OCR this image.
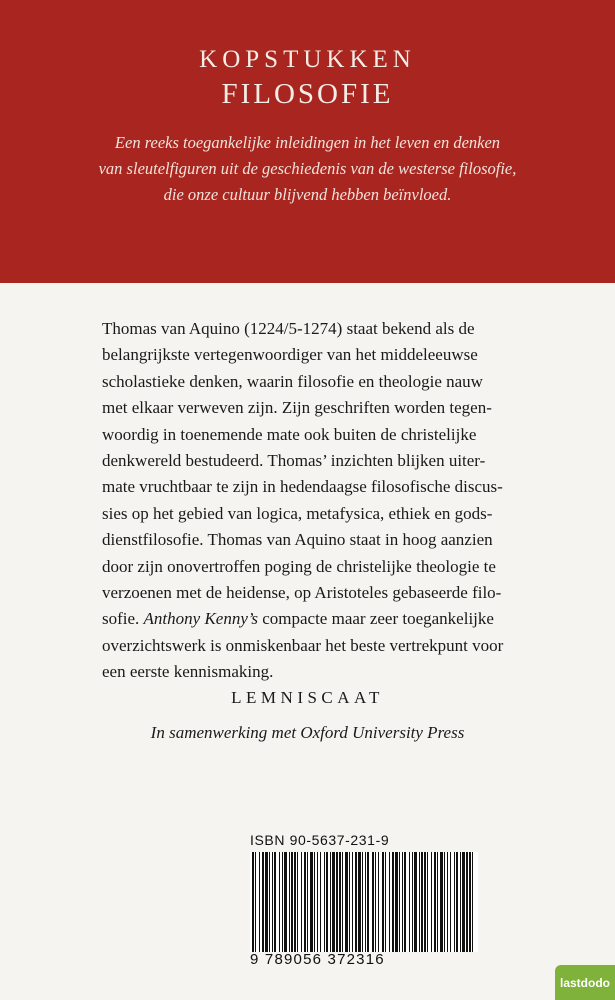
KOPSTUKKEN
FILOSOFIE
Een reeks toegankelijke inleidingen in het leven en denken
van sleutelfiguren uit de geschiedenis van de westerse filosofie,
die onze cultuur blijvend hebben beïnvloed.
Thomas van Aquino (1224/5-1274) staat bekend als de
belangrijkste vertegenwoordiger van het middeleeuwse
scholastieke denken, waarin filosofie en theologie nauw
met elkaar verweven zijn. Zijn geschriften worden tegen-
woordig in toenemende mate ook buiten de christelijke
denkwereld bestudeerd. Thomas’ inzichten blijken uiter-
mate vruchtbaar te zijn in hedendaagse filosofische discus-
sies op het gebied van logica, metafysica, ethiek en gods-
dienstfilosofie. Thomas van Aquino staat in hoog aanzien
door zijn onovertroffen poging de christelijke theologie te
verzoenen met de heidense, op Aristoteles gebaseerde filo-
sofie. Anthony Kenny’s compacte maar zeer toegankelijke
overzichtswerk is onmiskenbaar het beste vertrekpunt voor
een eerste kennismaking.
LEMNISCAAT
In samenwerking met Oxford University Press
ISBN 90-5637-231-9
9 789056 372316
lastdodo
